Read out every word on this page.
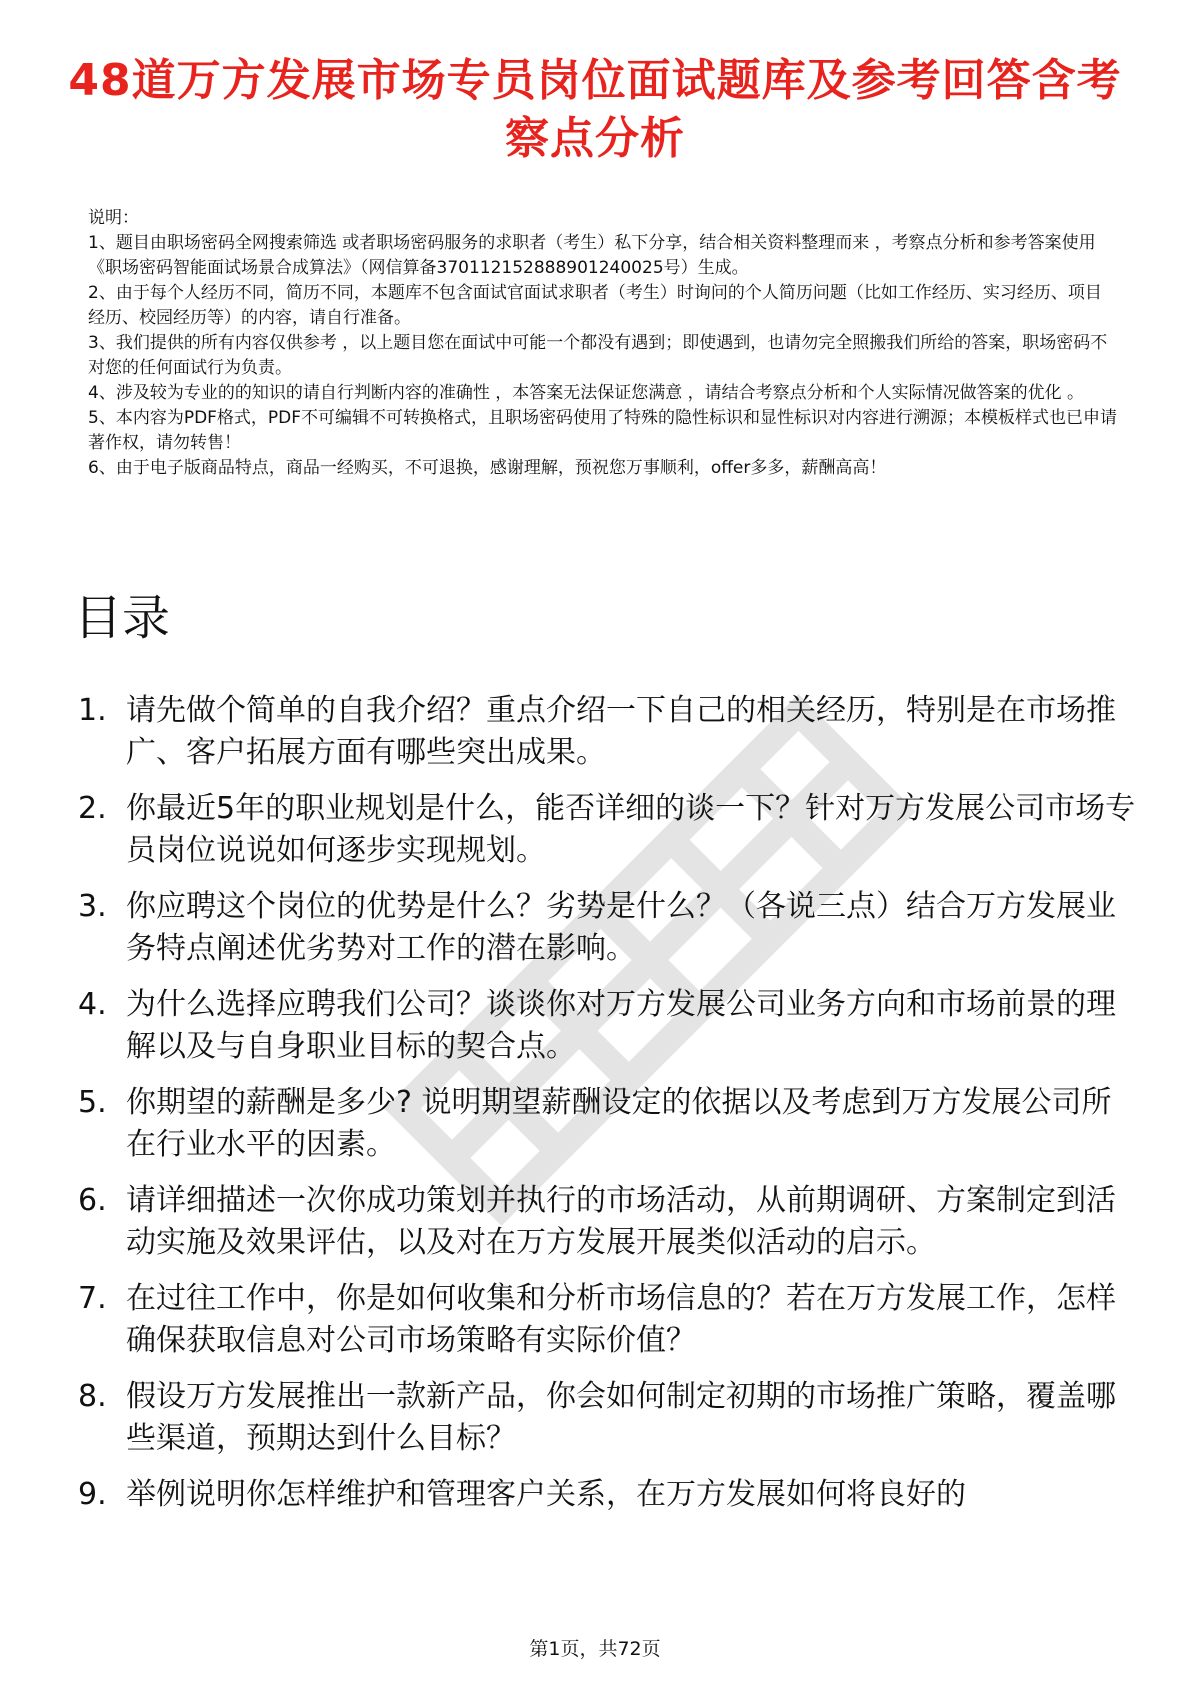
48道万方发展市场专员岗位面试题库及参考回答含考察点分析

说明：

1、题目由职场密码全网搜索筛选 或者职场密码服务的求职者（考生）私下分享，结合相关资料整理而来 ，考察点分析和参考答案使用《职场密码智能面试场景合成算法》（网信算备370112152888901240025号）生成。

2、由于每个人经历不同，简历不同，本题库不包含面试官面试求职者（考生）时询问的个人简历问题（比如工作经历、实习经历、项目经历、校园经历等）的内容，请自行准备。

3、我们提供的所有内容仅供参考 ，以上题目您在面试中可能一个都没有遇到；即使遇到，也请勿完全照搬我们所给的答案，职场密码不对您的任何面试行为负责。

4、涉及较为专业的的知识的请自行判断内容的准确性 ，本答案无法保证您满意 ，请结合考察点分析和个人实际情况做答案的优化 。

5、本内容为PDF格式，PDF不可编辑不可转换格式，且职场密码使用了特殊的隐性标识和显性标识对内容进行溯源；本模板样式也已申请著作权，请勿转售！

6、由于电子版商品特点，商品一经购买，不可退换，感谢理解，预祝您万事顺利，offer多多，薪酬高高！

目录
1. 请先做个简单的自我介绍？重点介绍一下自己的相关经历，特别是在市场推广、客户拓展方面有哪些突出成果。
2. 你最近5年的职业规划是什么，能否详细的谈一下？针对万方发展公司市场专员岗位说说如何逐步实现规划。
3. 你应聘这个岗位的优势是什么？劣势是什么？（各说三点）结合万方发展业务特点阐述优劣势对工作的潜在影响。
4. 为什么选择应聘我们公司？谈谈你对万方发展公司业务方向和市场前景的理解以及与自身职业目标的契合点。
5. 你期望的薪酬是多少? 说明期望薪酬设定的依据以及考虑到万方发展公司所在行业水平的因素。
6. 请详细描述一次你成功策划并执行的市场活动，从前期调研、方案制定到活动实施及效果评估，以及对在万方发展开展类似活动的启示。
7. 在过往工作中，你是如何收集和分析市场信息的？若在万方发展工作，怎样确保获取信息对公司市场策略有实际价值？
8. 假设万方发展推出一款新产品，你会如何制定初期的市场推广策略，覆盖哪些渠道，预期达到什么目标？
9. 举例说明你怎样维护和管理客户关系，在万方发展如何将良好的
第1页，共72页
